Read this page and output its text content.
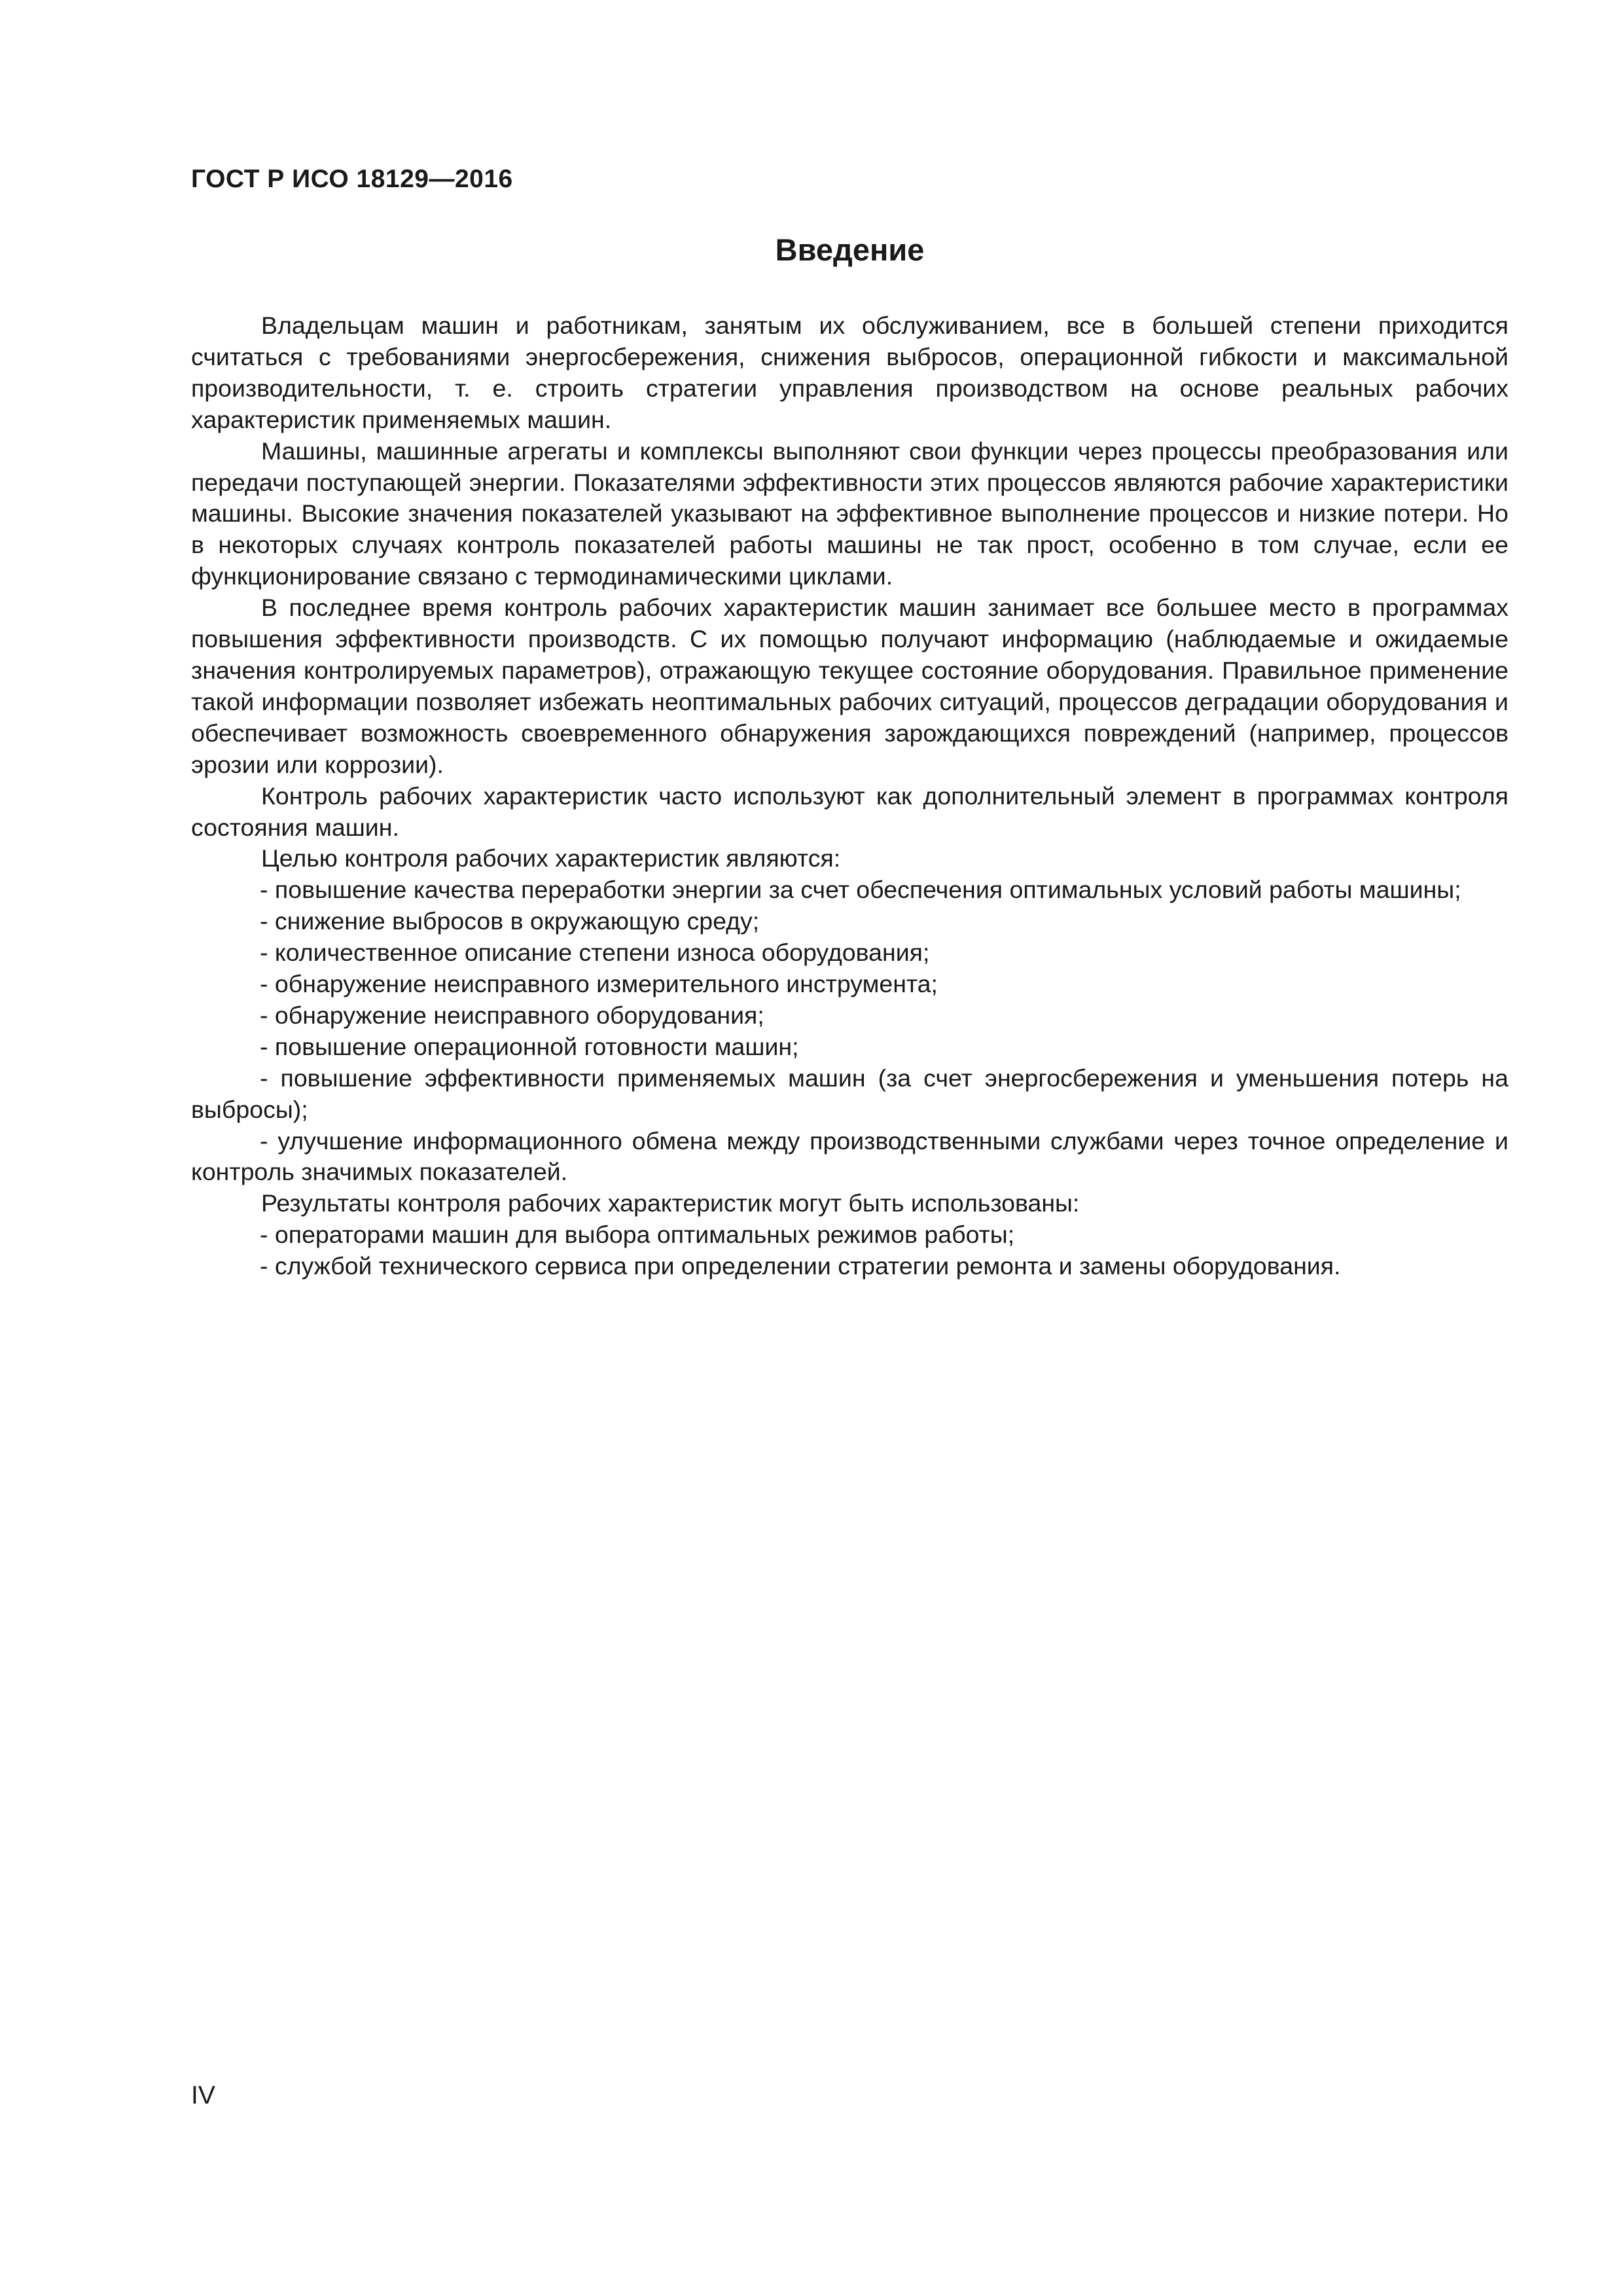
ГОСТ Р ИСО 18129—2016
Введение

Владельцам машин и работникам, занятым их обслуживанием, все в большей степени приходится считаться с требованиями энергосбережения, снижения выбросов, операционной гибкости и максимальной производительности, т. е. строить стратегии управления производством на основе реальных рабочих характеристик применяемых машин.

Машины, машинные агрегаты и комплексы выполняют свои функции через процессы преобразования или передачи поступающей энергии. Показателями эффективности этих процессов являются рабочие характеристики машины. Высокие значения показателей указывают на эффективное выполнение процессов и низкие потери. Но в некоторых случаях контроль показателей работы машины не так прост, особенно в том случае, если ее функционирование связано с термодинамическими циклами.

В последнее время контроль рабочих характеристик машин занимает все большее место в программах повышения эффективности производств. С их помощью получают информацию (наблюдаемые и ожидаемые значения контролируемых параметров), отражающую текущее состояние оборудования. Правильное применение такой информации позволяет избежать неоптимальных рабочих ситуаций, процессов деградации оборудования и обеспечивает возможность своевременного обнаружения зарождающихся повреждений (например, процессов эрозии или коррозии).

Контроль рабочих характеристик часто используют как дополнительный элемент в программах контроля состояния машин.

Целью контроля рабочих характеристик являются:

- повышение качества переработки энергии за счет обеспечения оптимальных условий работы машины;

- снижение выбросов в окружающую среду;

- количественное описание степени износа оборудования;

- обнаружение неисправного измерительного инструмента;

- обнаружение неисправного оборудования;

- повышение операционной готовности машин;

- повышение эффективности применяемых машин (за счет энергосбережения и уменьшения потерь на выбросы);

- улучшение информационного обмена между производственными службами через точное определение и контроль значимых показателей.

Результаты контроля рабочих характеристик могут быть использованы:

- операторами машин для выбора оптимальных режимов работы;

- службой технического сервиса при определении стратегии ремонта и замены оборудования.

IV
